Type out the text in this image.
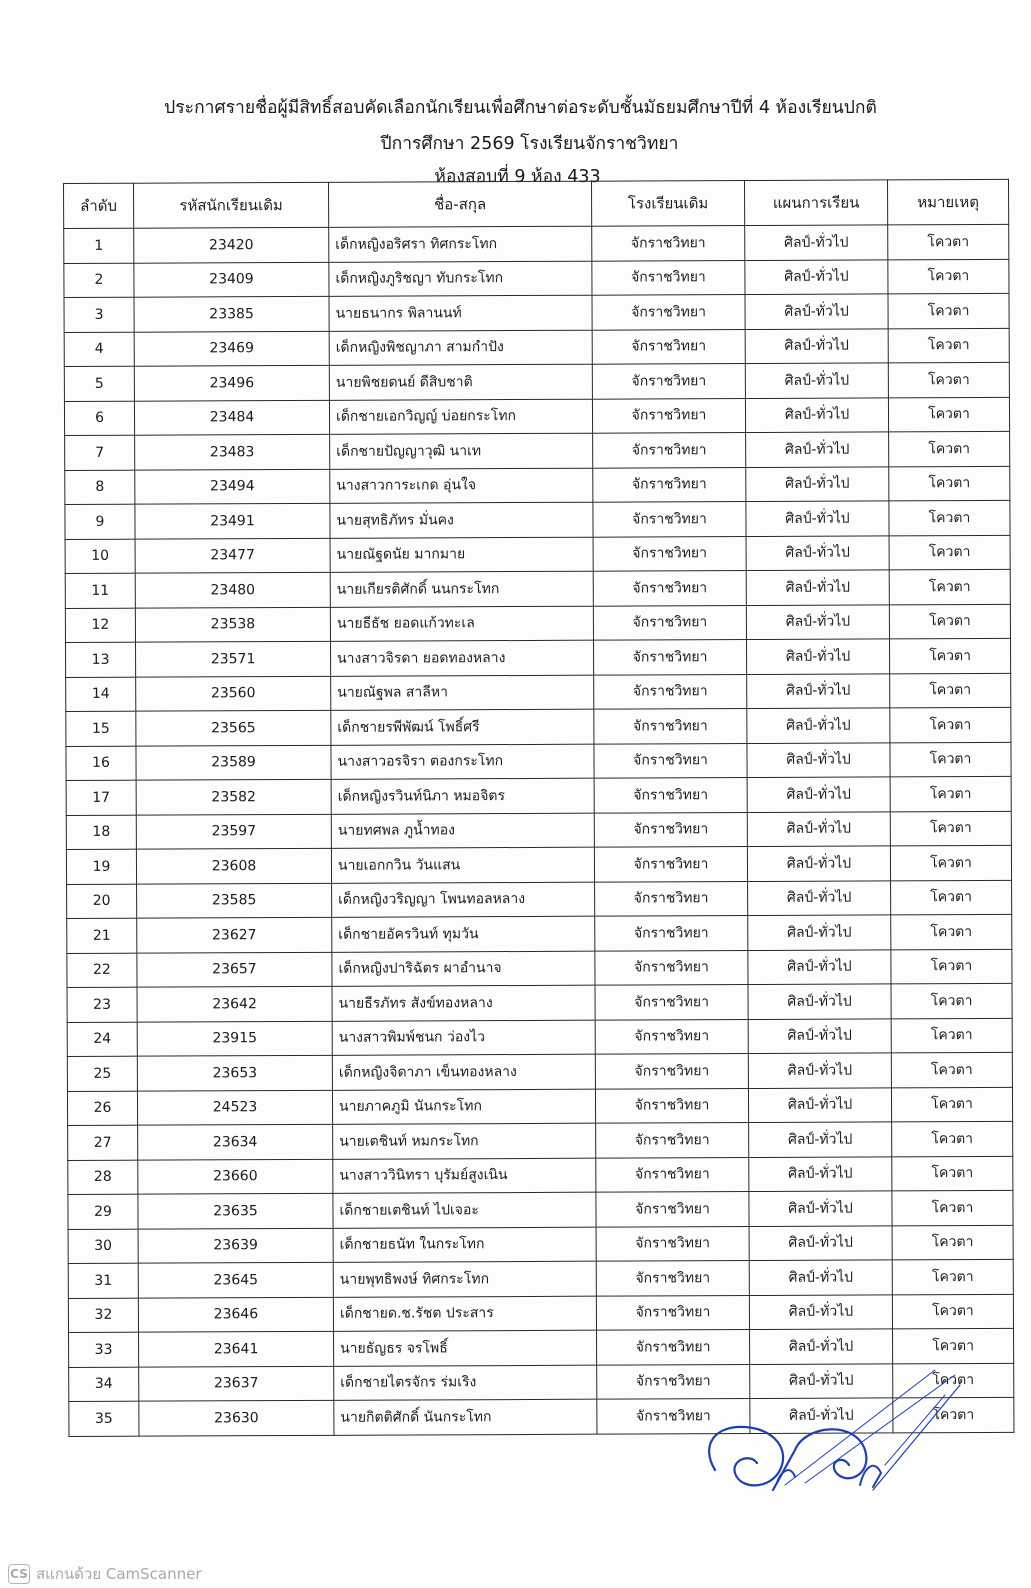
ประกาศรายชื่อผู้มีสิทธิ์สอบคัดเลือกนักเรียนเพื่อศึกษาต่อระดับชั้นมัธยมศึกษาปีที่ 4 ห้องเรียนปกติ
ปีการศึกษา 2569 โรงเรียนจักราชวิทยา
ห้องสอบที่ 9 ห้อง 433
ลำดับ	รหัสนักเรียนเดิม	ชื่อ-สกุล	โรงเรียนเดิม	แผนการเรียน	หมายเหตุ
1	23420	เด็กหญิงอริศรา ทิศกระโทก	จักราชวิทยา	ศิลป์-ทั่วไป	โควตา
2	23409	เด็กหญิงภูริชญา ทับกระโทก	จักราชวิทยา	ศิลป์-ทั่วไป	โควตา
3	23385	นายธนากร พิลานนท์	จักราชวิทยา	ศิลป์-ทั่วไป	โควตา
4	23469	เด็กหญิงพิชญาภา สามกำปัง	จักราชวิทยา	ศิลป์-ทั่วไป	โควตา
5	23496	นายพิชยดนย์ ดีสิบชาติ	จักราชวิทยา	ศิลป์-ทั่วไป	โควตา
6	23484	เด็กชายเอกวิญญ์ บ่อยกระโทก	จักราชวิทยา	ศิลป์-ทั่วไป	โควตา
7	23483	เด็กชายปัญญาวุฒิ นาเท	จักราชวิทยา	ศิลป์-ทั่วไป	โควตา
8	23494	นางสาวการะเกด อุ่นใจ	จักราชวิทยา	ศิลป์-ทั่วไป	โควตา
9	23491	นายสุทธิภัทร มั่นคง	จักราชวิทยา	ศิลป์-ทั่วไป	โควตา
10	23477	นายณัฐดนัย มากมาย	จักราชวิทยา	ศิลป์-ทั่วไป	โควตา
11	23480	นายเกียรติศักดิ์ นนกระโทก	จักราชวิทยา	ศิลป์-ทั่วไป	โควตา
12	23538	นายธีธัช ยอดแก้วทะเล	จักราชวิทยา	ศิลป์-ทั่วไป	โควตา
13	23571	นางสาวจิรดา ยอดทองหลาง	จักราชวิทยา	ศิลป์-ทั่วไป	โควตา
14	23560	นายณัฐพล สาลีหา	จักราชวิทยา	ศิลป์-ทั่วไป	โควตา
15	23565	เด็กชายรพีพัฒน์ โพธิ์ศรี	จักราชวิทยา	ศิลป์-ทั่วไป	โควตา
16	23589	นางสาวอรจิรา ตองกระโทก	จักราชวิทยา	ศิลป์-ทั่วไป	โควตา
17	23582	เด็กหญิงรวินท์นิภา หมอจิตร	จักราชวิทยา	ศิลป์-ทั่วไป	โควตา
18	23597	นายทศพล ภูน้ำทอง	จักราชวิทยา	ศิลป์-ทั่วไป	โควตา
19	23608	นายเอกกวิน วันแสน	จักราชวิทยา	ศิลป์-ทั่วไป	โควตา
20	23585	เด็กหญิงวริญญา โพนทอลหลาง	จักราชวิทยา	ศิลป์-ทั่วไป	โควตา
21	23627	เด็กชายอัครวินท์ ทุมวัน	จักราชวิทยา	ศิลป์-ทั่วไป	โควตา
22	23657	เด็กหญิงปาริฉัตร ผาอำนาจ	จักราชวิทยา	ศิลป์-ทั่วไป	โควตา
23	23642	นายธีรภัทร สังข์ทองหลาง	จักราชวิทยา	ศิลป์-ทั่วไป	โควตา
24	23915	นางสาวพิมพ์ชนก ว่องไว	จักราชวิทยา	ศิลป์-ทั่วไป	โควตา
25	23653	เด็กหญิงจิดาภา เข็นทองหลาง	จักราชวิทยา	ศิลป์-ทั่วไป	โควตา
26	24523	นายภาคภูมิ นันกระโทก	จักราชวิทยา	ศิลป์-ทั่วไป	โควตา
27	23634	นายเตชินท์ หมกระโทก	จักราชวิทยา	ศิลป์-ทั่วไป	โควตา
28	23660	นางสาววินิทรา บุรัมย์สูงเนิน	จักราชวิทยา	ศิลป์-ทั่วไป	โควตา
29	23635	เด็กชายเตชินท์ ไปเจอะ	จักราชวิทยา	ศิลป์-ทั่วไป	โควตา
30	23639	เด็กชายธนัท ในกระโทก	จักราชวิทยา	ศิลป์-ทั่วไป	โควตา
31	23645	นายพุทธิพงษ์ ทิศกระโทก	จักราชวิทยา	ศิลป์-ทั่วไป	โควตา
32	23646	เด็กชายด.ช.รัชต ประสาร	จักราชวิทยา	ศิลป์-ทั่วไป	โควตา
33	23641	นายธัญธร จรโพธิ์	จักราชวิทยา	ศิลป์-ทั่วไป	โควตา
34	23637	เด็กชายไตรจักร ร่มเริง	จักราชวิทยา	ศิลป์-ทั่วไป	โควตา
35	23630	นายกิตติศักดิ์ นันกระโทก	จักราชวิทยา	ศิลป์-ทั่วไป	โควตา
CS สแกนด้วย CamScanner
